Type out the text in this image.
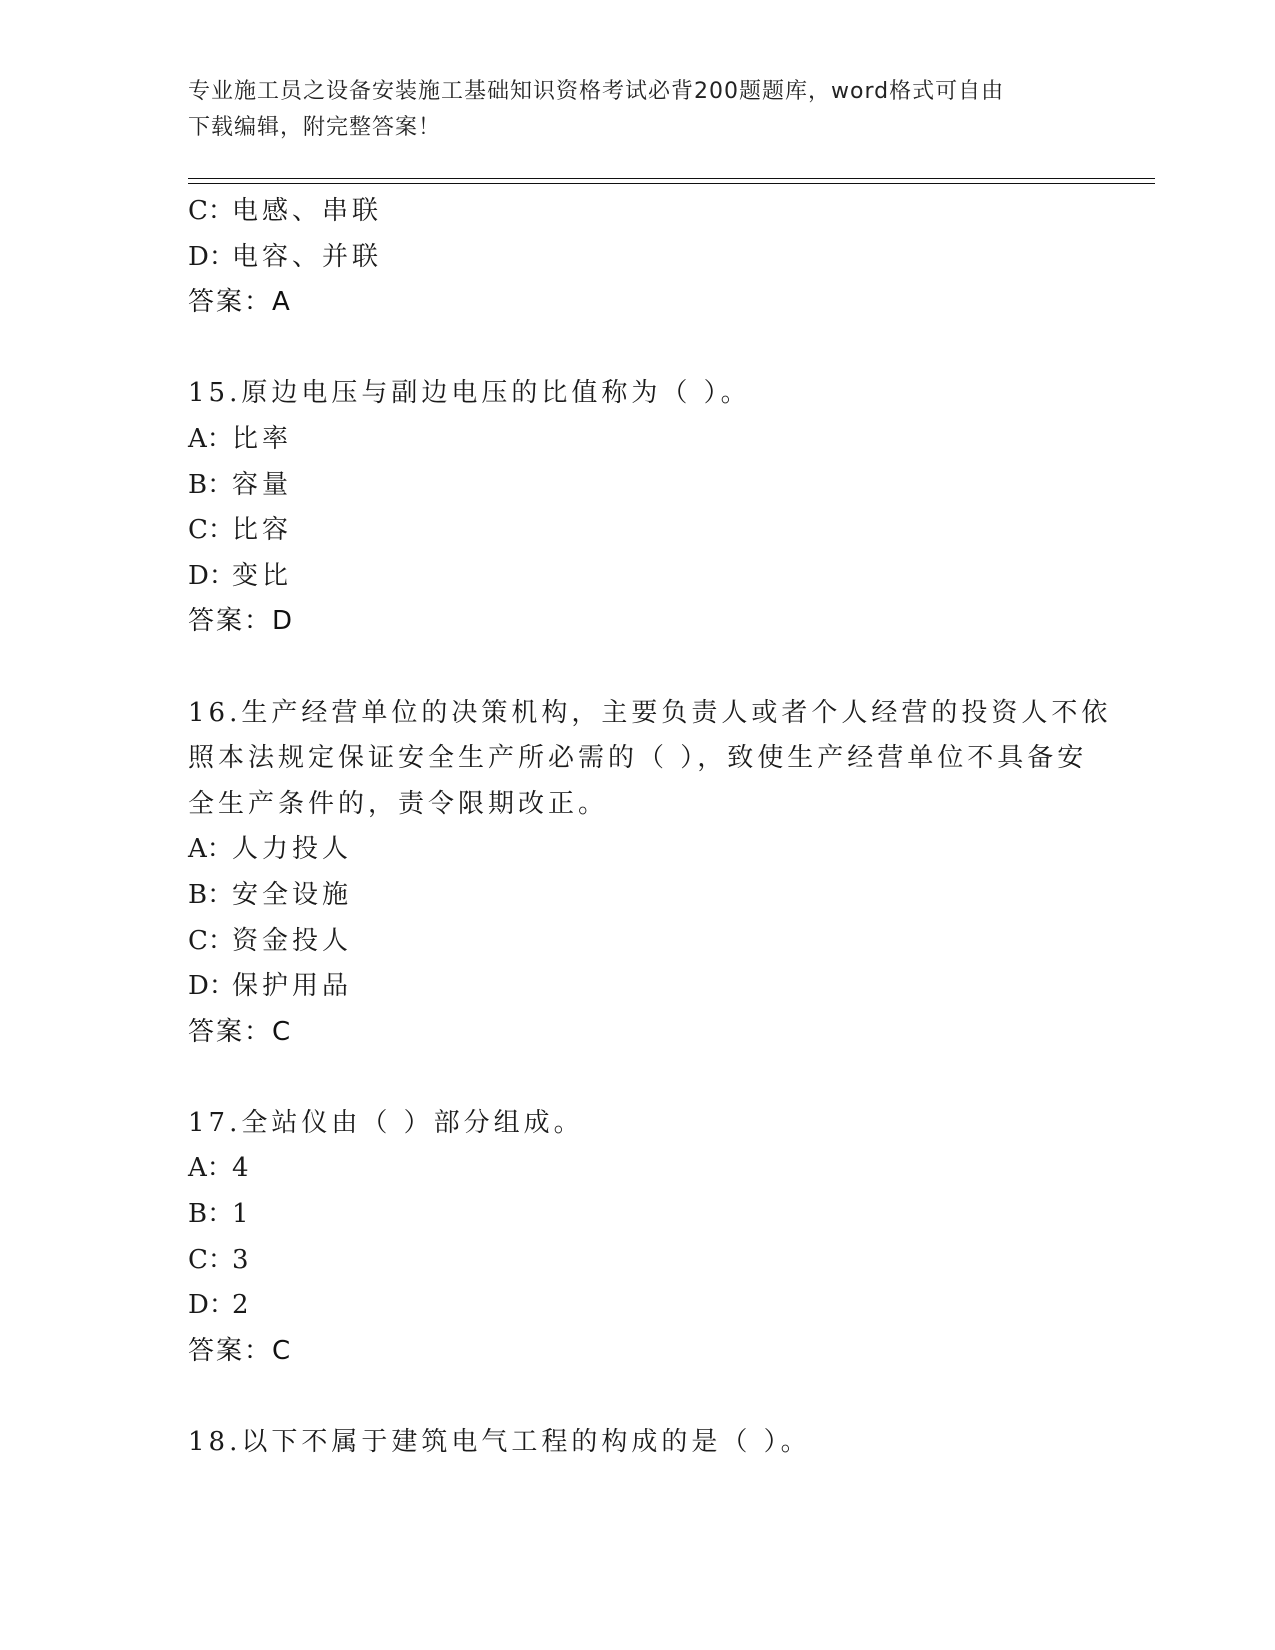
专业施工员之设备安装施工基础知识资格考试必背200题题库，word格式可自由
下载编辑，附完整答案！
C：电感、串联
D：电容、并联
答案：A
15.原边电压与副边电压的比值称为（ ）。
A：比率
B：容量
C：比容
D：变比
答案：D
16.生产经营单位的决策机构，主要负责人或者个人经营的投资人不依
照本法规定保证安全生产所必需的（ ），致使生产经营单位不具备安
全生产条件的，责令限期改正。
A：人力投人
B：安全设施
C：资金投人
D：保护用品
答案：C
17.全站仪由（ ）部分组成。
A：4
B：1
C：3
D：2
答案：C
18.以下不属于建筑电气工程的构成的是（ ）。
